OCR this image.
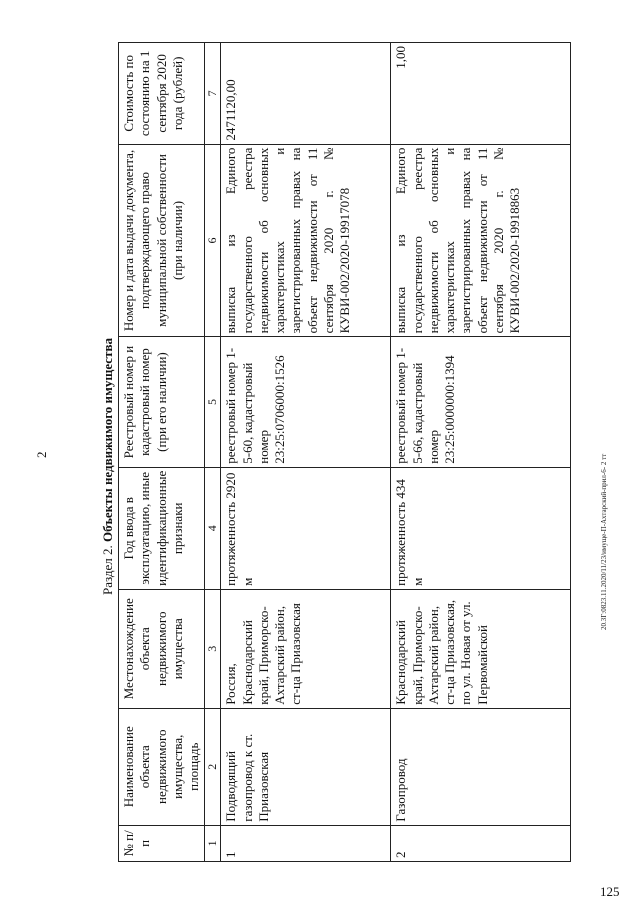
2
Раздел 2. Объекты недвижимого имущества
№ п/п	Наименование объекта недвижимого имущества, площадь	Местонахождение объекта недвижимого имущества	Год ввода в эксплуатацию, иные идентификационные признаки	Реестровый номер и кадастровый номер (при его наличии)	Номер и дата выдачи документа, подтверждающего право муниципальной собственности (при наличии)	Стоимость по состоянию на 1 сентября 2020 года (рублей)
1	2	3	4	5	6	7
1	Подводящий газопровод к ст. Приазовская	Россия, Краснодарский край, Приморско-Ахтарский район, ст-ца Приазовская	протяженность 2920 м	реестровый номер 1-5-60, кадастровый номер 23:25:0706000:1526	выписка из Единого государственного реестра недвижимости об основных характеристиках и зарегистрированных правах на объект недвижимости от 11 сентября 2020 г. № КУВИ-002/2020-19917078	2471120,00
2	Газопровод	Краснодарский край, Приморско-Ахтарский район, ст-ца Приазовская, по ул. Новая от ул. Первомайской	протяженность 434 м	реестровый номер 1-5-66, кадастровый номер 23:25:0000000:1394	выписка из Единого государственного реестра недвижимости об основных характеристиках и зарегистрированных правах на объект недвижимости от 11 сентября 2020 г. № КУВИ-002/2020-19918863	1,00
20.ЗГ:0823.11.2020/11/23/имуще-П-Ахтарский-прил-6- 2 тт
125
